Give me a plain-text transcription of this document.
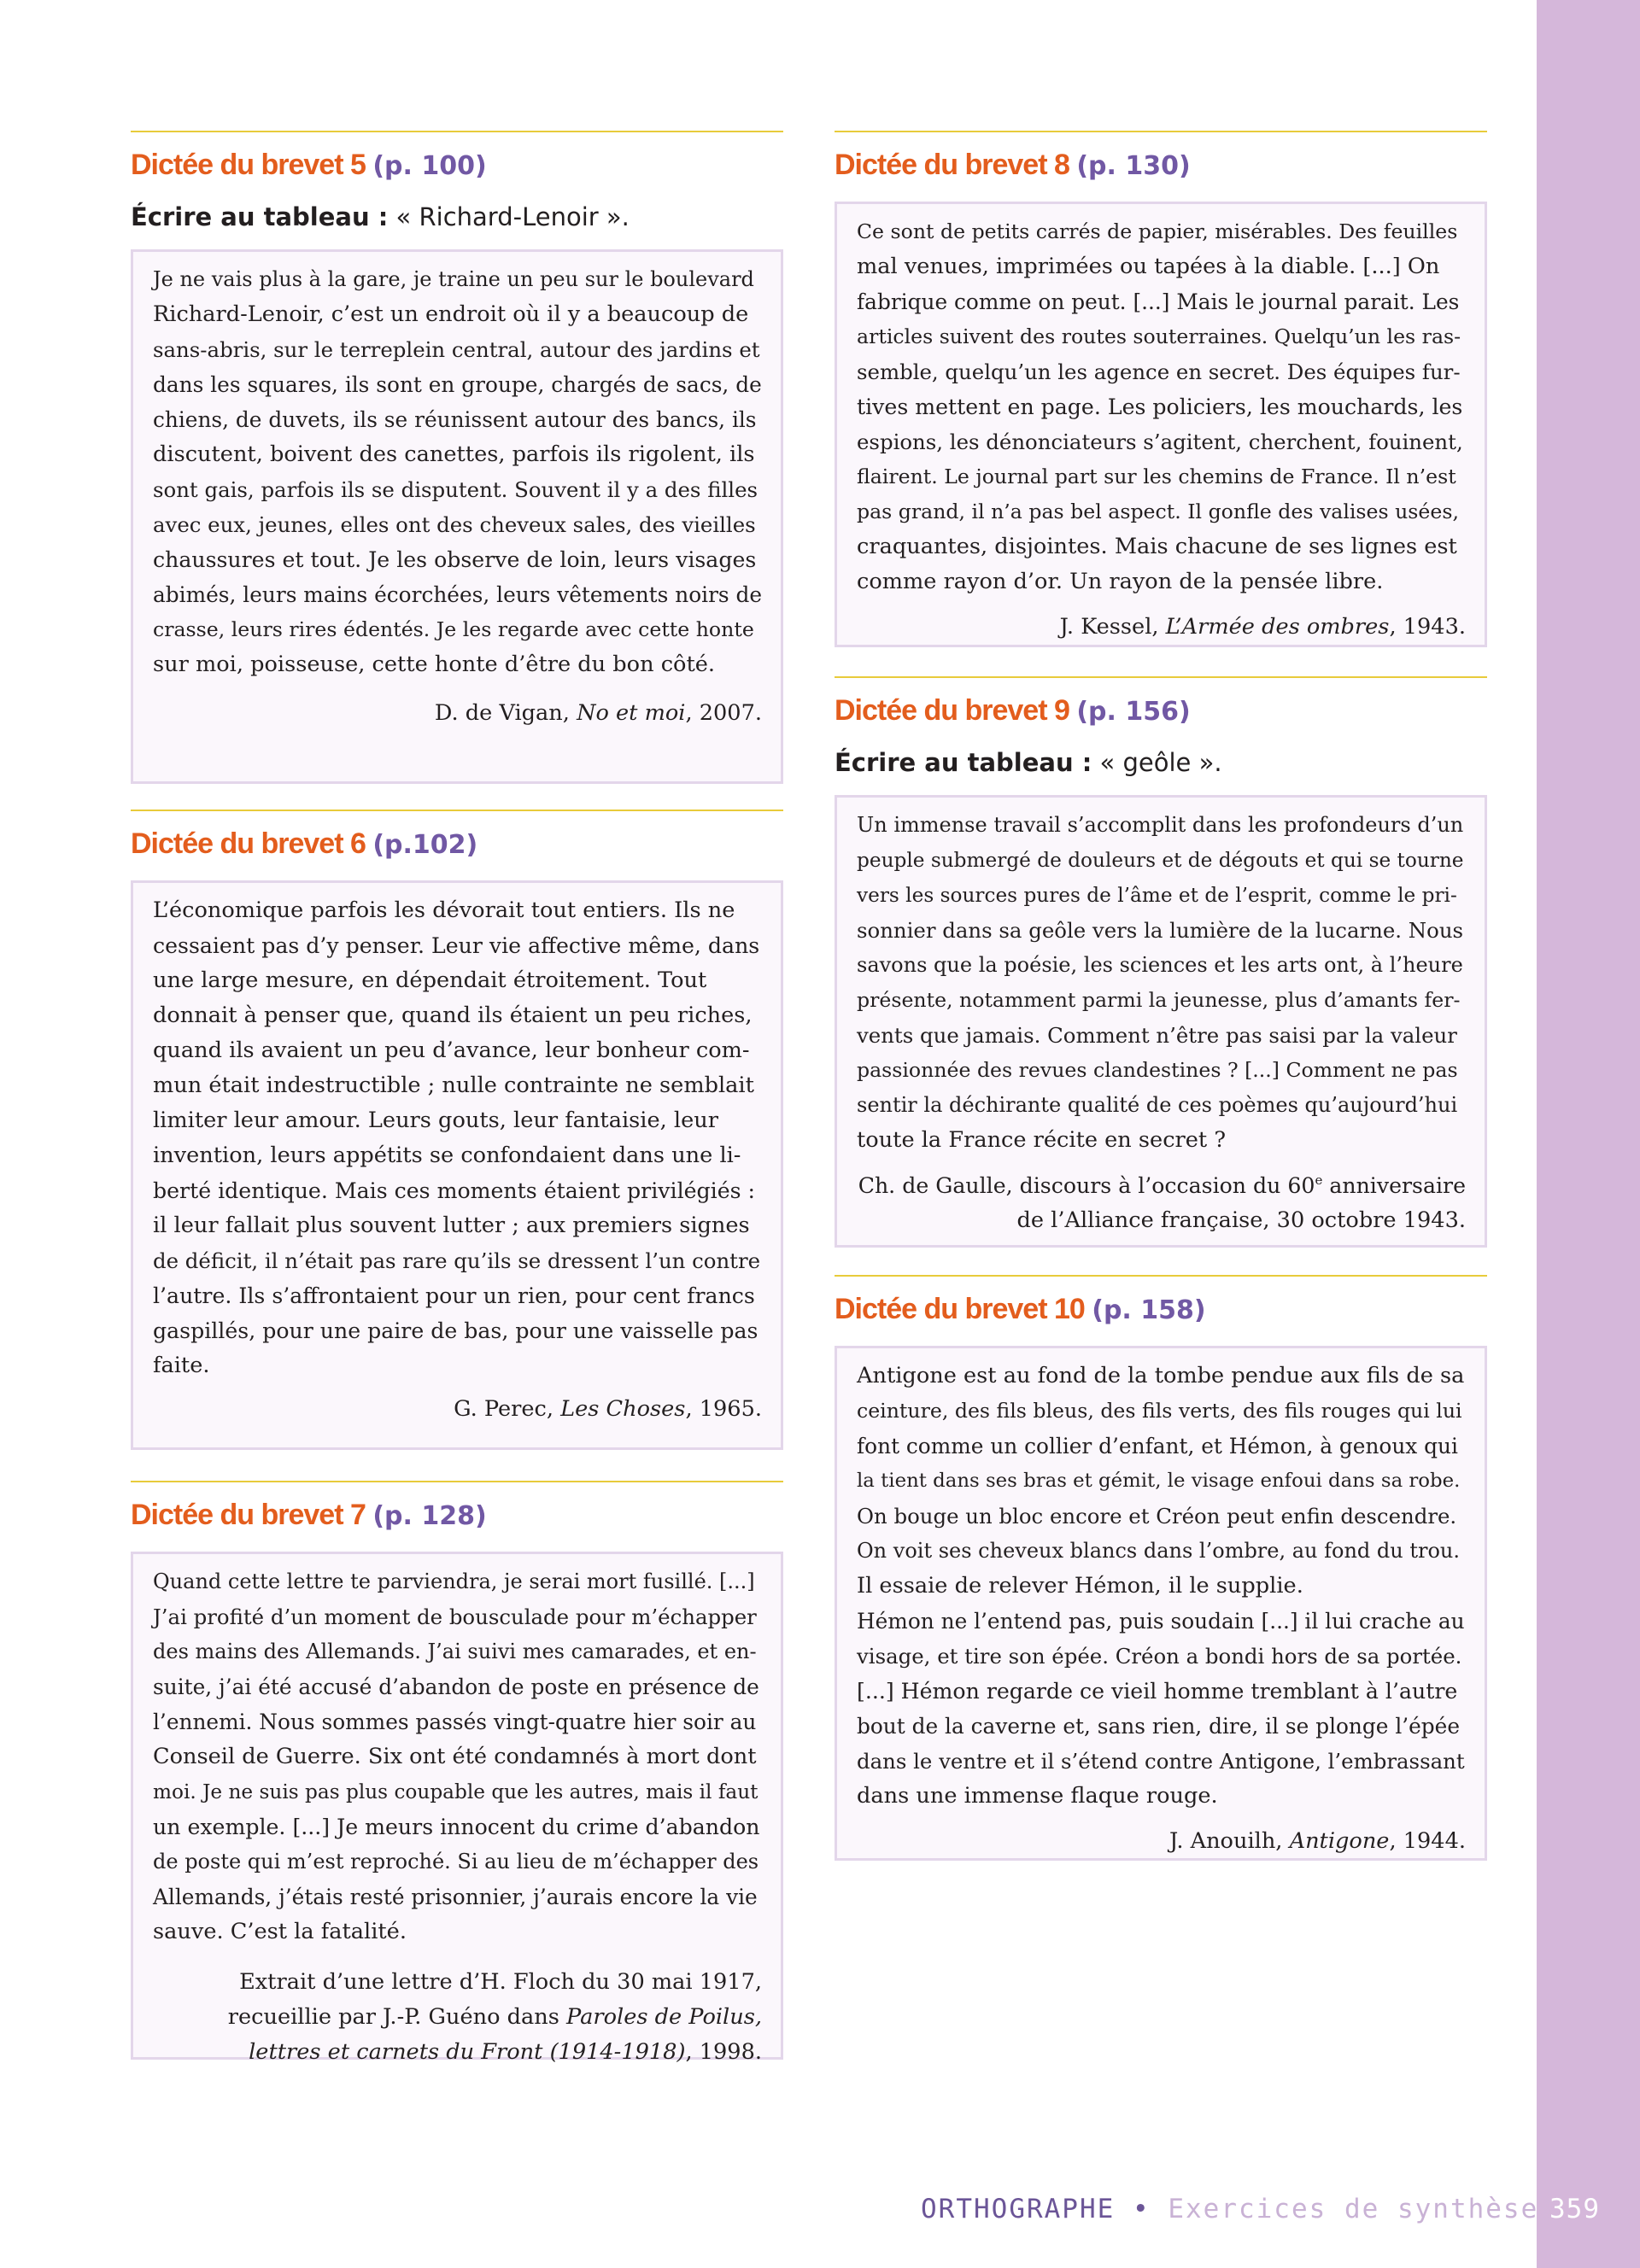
Dictée du brevet 5 (p. 100)
Écrire au tableau : « Richard-Lenoir ».
Je ne vais plus à la gare, je traine un peu sur le boulevard
Richard-Lenoir, c’est un endroit où il y a beaucoup de
sans-abris, sur le terreplein central, autour des jardins et
dans les squares, ils sont en groupe, chargés de sacs, de
chiens, de duvets, ils se réunissent autour des bancs, ils
discutent, boivent des canettes, parfois ils rigolent, ils
sont gais, parfois ils se disputent. Souvent il y a des filles
avec eux, jeunes, elles ont des cheveux sales, des vieilles
chaussures et tout. Je les observe de loin, leurs visages
abimés, leurs mains écorchées, leurs vêtements noirs de
crasse, leurs rires édentés. Je les regarde avec cette honte
sur moi, poisseuse, cette honte d’être du bon côté.
D. de Vigan, No et moi, 2007.
Dictée du brevet 6 (p.102)
L’économique parfois les dévorait tout entiers. Ils ne
cessaient pas d’y penser. Leur vie affective même, dans
une large mesure, en dépendait étroitement. Tout
donnait à penser que, quand ils étaient un peu riches,
quand ils avaient un peu d’avance, leur bonheur com-
mun était indestructible ; nulle contrainte ne semblait
limiter leur amour. Leurs gouts, leur fantaisie, leur
invention, leurs appétits se confondaient dans une li-
berté identique. Mais ces moments étaient privilégiés :
il leur fallait plus souvent lutter ; aux premiers signes
de déficit, il n’était pas rare qu’ils se dressent l’un contre
l’autre. Ils s’affrontaient pour un rien, pour cent francs
gaspillés, pour une paire de bas, pour une vaisselle pas
faite.
G. Perec, Les Choses, 1965.
Dictée du brevet 7 (p. 128)
Quand cette lettre te parviendra, je serai mort fusillé. [...]
J’ai profité d’un moment de bousculade pour m’échapper
des mains des Allemands. J’ai suivi mes camarades, et en-
suite, j’ai été accusé d’abandon de poste en présence de
l’ennemi. Nous sommes passés vingt-quatre hier soir au
Conseil de Guerre. Six ont été condamnés à mort dont
moi. Je ne suis pas plus coupable que les autres, mais il faut
un exemple. [...] Je meurs innocent du crime d’abandon
de poste qui m’est reproché. Si au lieu de m’échapper des
Allemands, j’étais resté prisonnier, j’aurais encore la vie
sauve. C’est la fatalité.
Extrait d’une lettre d’H. Floch du 30 mai 1917,
recueillie par J.-P. Guéno dans Paroles de Poilus,
lettres et carnets du Front (1914-1918), 1998.
Dictée du brevet 8 (p. 130)
Ce sont de petits carrés de papier, misérables. Des feuilles
mal venues, imprimées ou tapées à la diable. [...] On
fabrique comme on peut. [...] Mais le journal parait. Les
articles suivent des routes souterraines. Quelqu’un les ras-
semble, quelqu’un les agence en secret. Des équipes fur-
tives mettent en page. Les policiers, les mouchards, les
espions, les dénonciateurs s’agitent, cherchent, fouinent,
flairent. Le journal part sur les chemins de France. Il n’est
pas grand, il n’a pas bel aspect. Il gonfle des valises usées,
craquantes, disjointes. Mais chacune de ses lignes est
comme rayon d’or. Un rayon de la pensée libre.
J. Kessel, L’Armée des ombres, 1943.
Dictée du brevet 9 (p. 156)
Écrire au tableau : « geôle ».
Un immense travail s’accomplit dans les profondeurs d’un
peuple submergé de douleurs et de dégouts et qui se tourne
vers les sources pures de l’âme et de l’esprit, comme le pri-
sonnier dans sa geôle vers la lumière de la lucarne. Nous
savons que la poésie, les sciences et les arts ont, à l’heure
présente, notamment parmi la jeunesse, plus d’amants fer-
vents que jamais. Comment n’être pas saisi par la valeur
passionnée des revues clandestines ? [...] Comment ne pas
sentir la déchirante qualité de ces poèmes qu’aujourd’hui
toute la France récite en secret ?
Ch. de Gaulle, discours à l’occasion du 60e anniversaire
de l’Alliance française, 30 octobre 1943.
Dictée du brevet 10 (p. 158)
Antigone est au fond de la tombe pendue aux fils de sa
ceinture, des fils bleus, des fils verts, des fils rouges qui lui
font comme un collier d’enfant, et Hémon, à genoux qui
la tient dans ses bras et gémit, le visage enfoui dans sa robe.
On bouge un bloc encore et Créon peut enfin descendre.
On voit ses cheveux blancs dans l’ombre, au fond du trou.
Il essaie de relever Hémon, il le supplie.
Hémon ne l’entend pas, puis soudain [...] il lui crache au
visage, et tire son épée. Créon a bondi hors de sa portée.
[...] Hémon regarde ce vieil homme tremblant à l’autre
bout de la caverne et, sans rien, dire, il se plonge l’épée
dans le ventre et il s’étend contre Antigone, l’embrassant
dans une immense flaque rouge.
J. Anouilh, Antigone, 1944.
ORTHOGRAPHE • Exercices de synthèse 359
